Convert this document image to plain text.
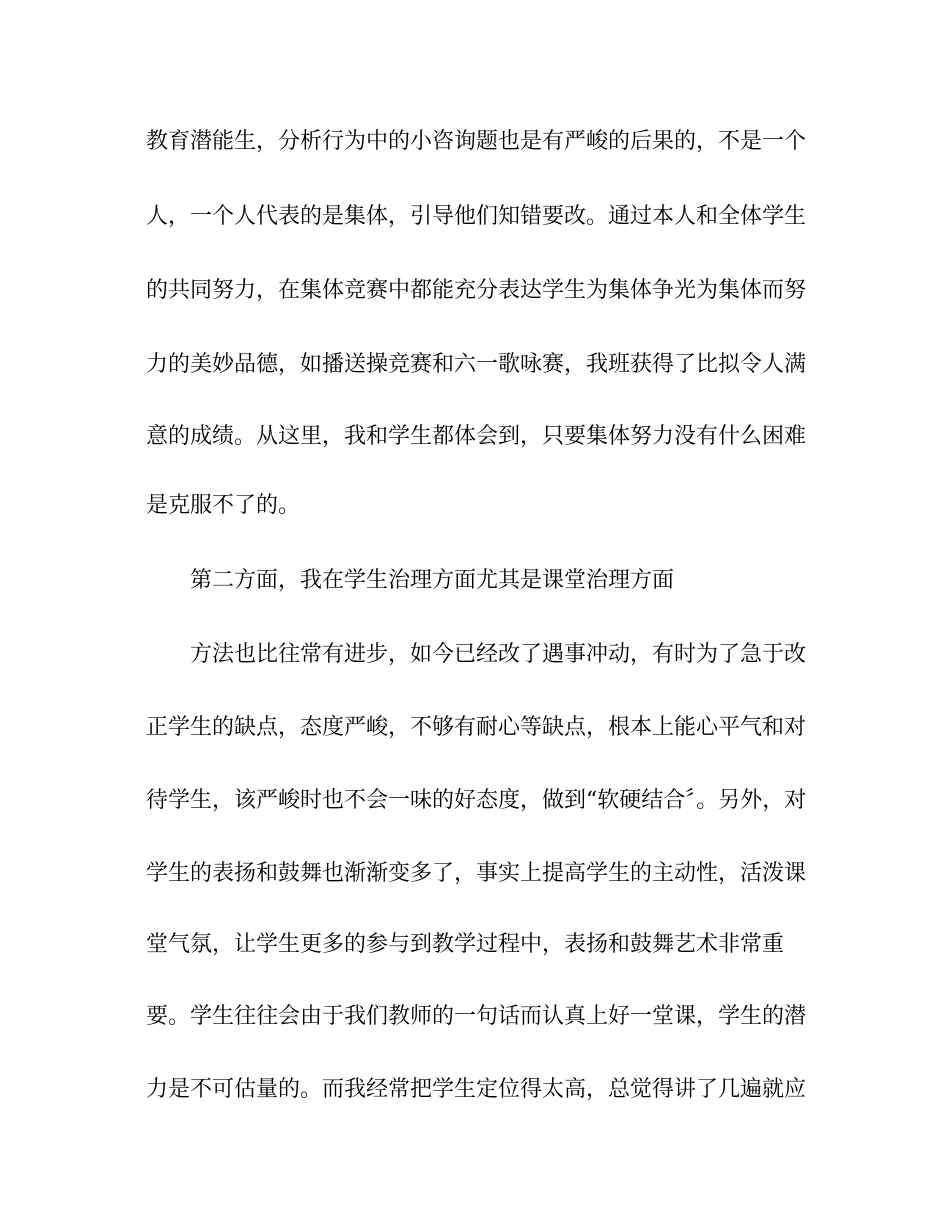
教育潜能生，分析行为中的小咨询题也是有严峻的后果的，不是一个
人，一个人代表的是集体，引导他们知错要改。通过本人和全体学生
的共同努力，在集体竞赛中都能充分表达学生为集体争光为集体而努
力的美妙品德，如播送操竞赛和六一歌咏赛，我班获得了比拟令人满
意的成绩。从这里，我和学生都体会到，只要集体努力没有什么困难
是克服不了的。
第二方面，我在学生治理方面尤其是课堂治理方面
方法也比往常有进步，如今已经改了遇事冲动，有时为了急于改
正学生的缺点，态度严峻，不够有耐心等缺点，根本上能心平气和对
待学生，该严峻时也不会一味的好态度，做到“软硬结合〞。另外，对
学生的表扬和鼓舞也渐渐变多了，事实上提高学生的主动性，活泼课
堂气氛，让学生更多的参与到教学过程中，表扬和鼓舞艺术非常重
要。学生往往会由于我们教师的一句话而认真上好一堂课，学生的潜
力是不可估量的。而我经常把学生定位得太高，总觉得讲了几遍就应
